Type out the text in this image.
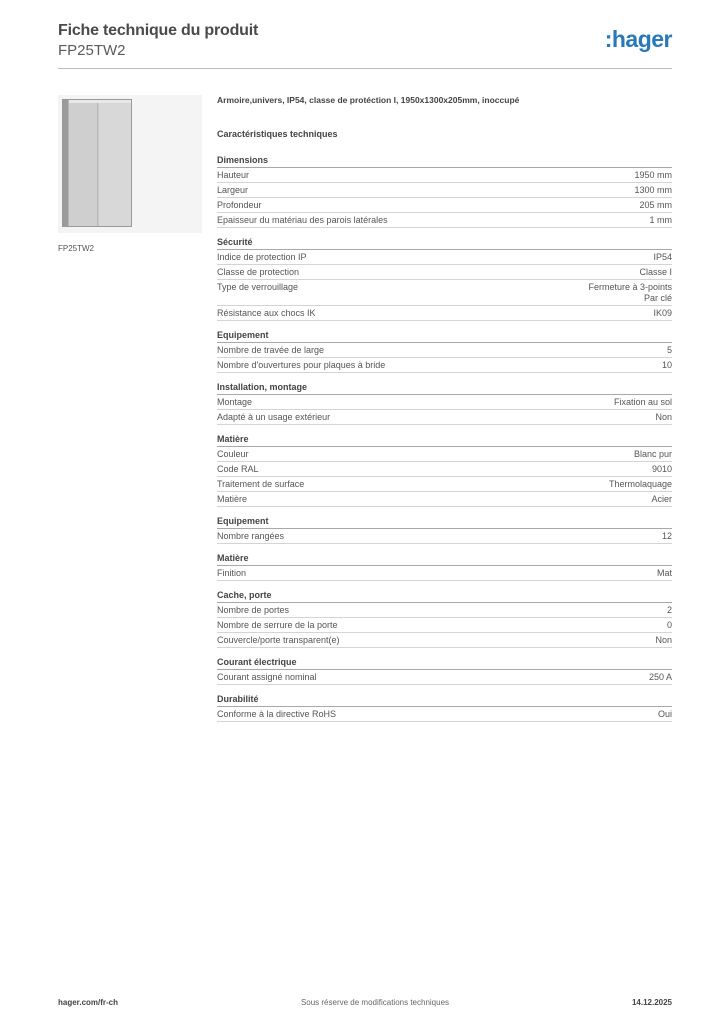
Fiche technique du produit
FP25TW2	:hager
FP25TW2
Armoire,univers, IP54, classe de protéction I, 1950x1300x205mm, inoccupé
Caractéristiques techniques
Dimensions
Hauteur	1950 mm
Largeur	1300 mm
Profondeur	205 mm
Epaisseur du matériau des parois latérales	1 mm
Sécurité
Indice de protection IP	IP54
Classe de protection	Classe I
Type de verrouillage	Fermeture à 3-points
Par clé
Résistance aux chocs IK	IK09
Equipement
Nombre de travée de large	5
Nombre d'ouvertures pour plaques à bride	10
Installation, montage
Montage	Fixation au sol
Adapté à un usage extérieur	Non
Matière
Couleur	Blanc pur
Code RAL	9010
Traitement de surface	Thermolaquage
Matière	Acier
Equipement
Nombre rangées	12
Matière
Finition	Mat
Cache, porte
Nombre de portes	2
Nombre de serrure de la porte	0
Couvercle/porte transparent(e)	Non
Courant électrique
Courant assigné nominal	250 A
Durabilité
Conforme à la directive RoHS	Oui
hager.com/fr-ch	Sous réserve de modifications techniques	14.12.2025
